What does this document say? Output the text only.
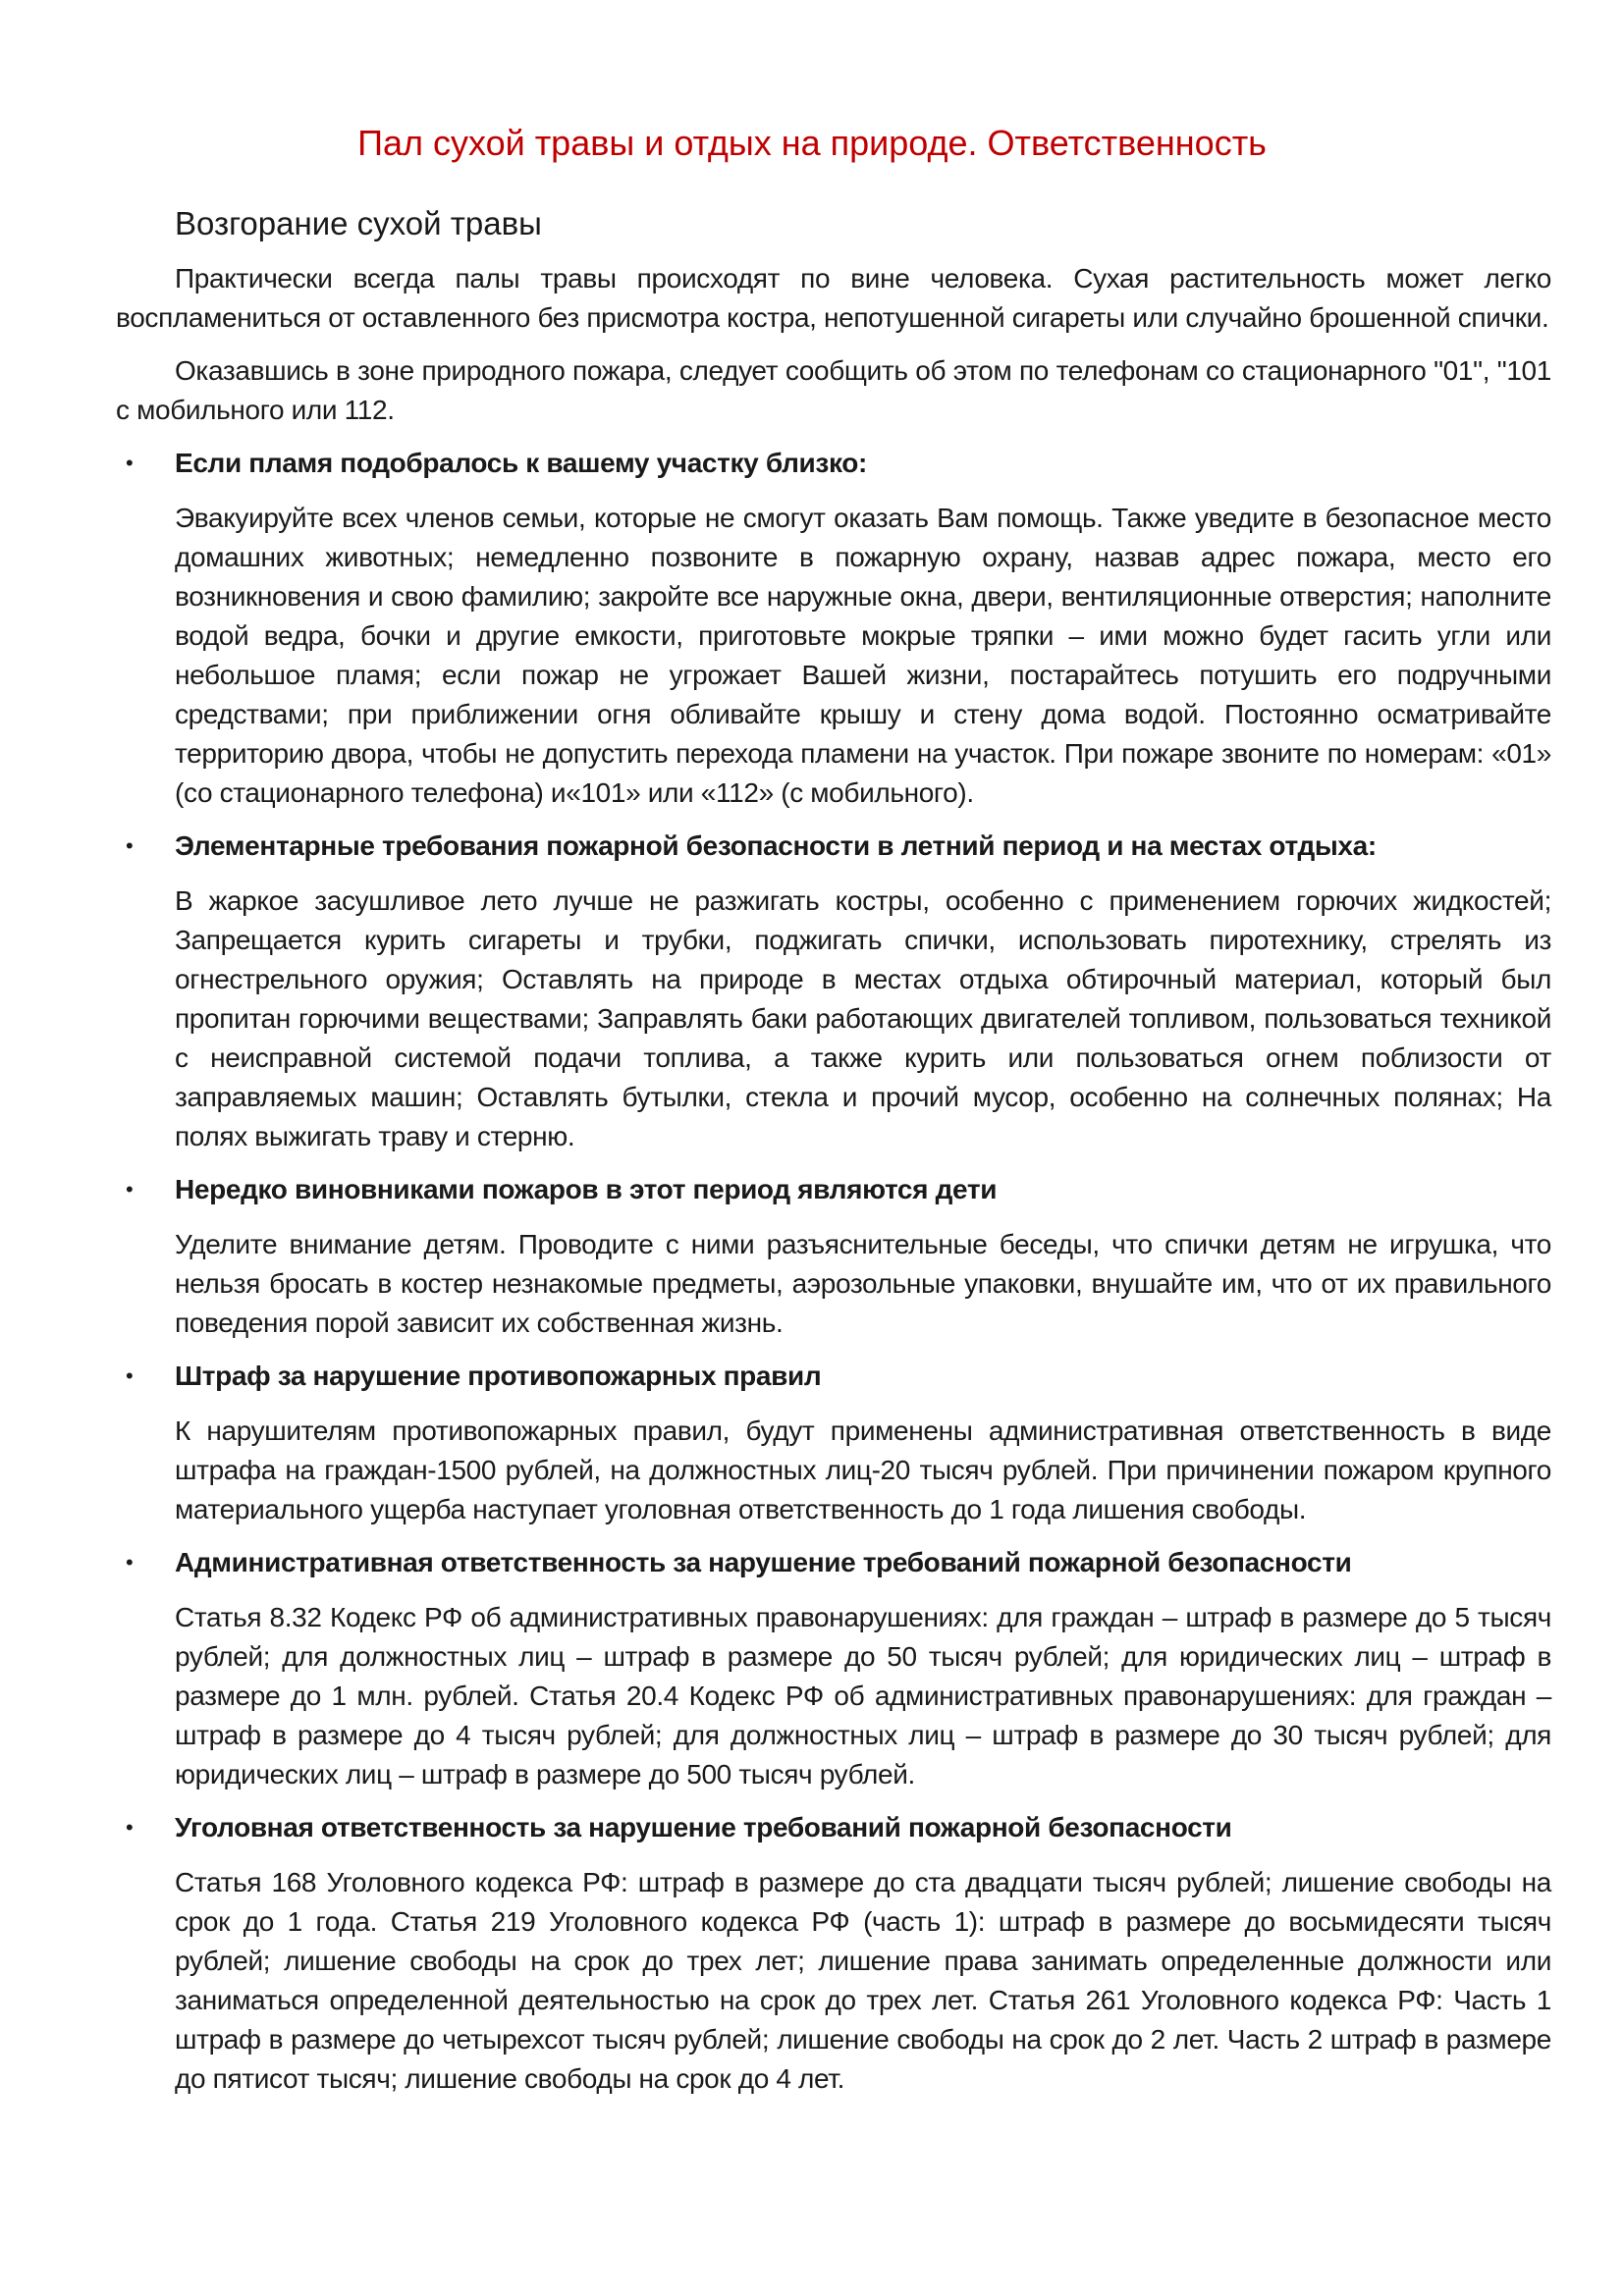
Пал сухой травы и отдых на природе. Ответственность
Возгорание сухой травы

Практически всегда палы травы происходят по вине человека. Сухая растительность может легко воспламениться от оставленного без присмотра костра, непотушенной сигареты или случайно брошенной спички.

Оказавшись в зоне природного пожара, следует сообщить об этом по телефонам со стационарного "01", "101 с мобильного или 112.

•	Если пламя подобралось к вашему участку близко:

Эвакуируйте всех членов семьи, которые не смогут оказать Вам помощь. Также уведите в безопасное место домашних животных; немедленно позвоните в пожарную охрану, назвав адрес пожара, место его возникновения и свою фамилию; закройте все наружные окна, двери, вентиляционные отверстия; наполните водой ведра, бочки и другие емкости, приготовьте мокрые тряпки – ими можно будет гасить угли или небольшое пламя; если пожар не угрожает Вашей жизни, постарайтесь потушить его подручными средствами; при приближении огня обливайте крышу и стену дома водой. Постоянно осматривайте территорию двора, чтобы не допустить перехода пламени на участок. При пожаре звоните по номерам: «01» (со стационарного телефона) и«101» или «112» (с мобильного).

•	Элементарные требования пожарной безопасности в летний период и на местах отдыха:

В жаркое засушливое лето лучше не разжигать костры, особенно с применением горючих жидкостей; Запрещается курить сигареты и трубки, поджигать спички, использовать пиротехнику, стрелять из огнестрельного оружия; Оставлять на природе в местах отдыха обтирочный материал, который был пропитан горючими веществами; Заправлять баки работающих двигателей топливом, пользоваться техникой с неисправной системой подачи топлива, а также курить или пользоваться огнем поблизости от заправляемых машин; Оставлять бутылки, стекла и прочий мусор, особенно на солнечных полянах; На полях выжигать траву и стерню.

•	Нередко виновниками пожаров в этот период являются дети

Уделите внимание детям. Проводите с ними разъяснительные беседы, что спички детям не игрушка, что нельзя бросать в костер незнакомые предметы, аэрозольные упаковки, внушайте им, что от их правильного поведения порой зависит их собственная жизнь.

•	Штраф за нарушение противопожарных правил

К нарушителям противопожарных правил, будут применены административная ответственность в виде штрафа на граждан-1500 рублей, на должностных лиц-20 тысяч рублей. При причинении пожаром крупного материального ущерба наступает уголовная ответственность до 1 года лишения свободы.

•	Административная ответственность за нарушение требований пожарной безопасности

Статья 8.32 Кодекс РФ об административных правонарушениях: для граждан – штраф в размере до 5 тысяч рублей; для должностных лиц – штраф в размере до 50 тысяч рублей; для юридических лиц – штраф в размере до 1 млн. рублей. Статья 20.4 Кодекс РФ об административных правонарушениях: для граждан – штраф в размере до 4 тысяч рублей; для должностных лиц – штраф в размере до 30 тысяч рублей; для юридических лиц – штраф в размере до 500 тысяч рублей.

•	Уголовная ответственность за нарушение требований пожарной безопасности

Статья 168 Уголовного кодекса РФ: штраф в размере до ста двадцати тысяч рублей; лишение свободы на срок до 1 года. Статья 219 Уголовного кодекса РФ (часть 1): штраф в размере до восьмидесяти тысяч рублей; лишение свободы на срок до трех лет; лишение права занимать определенные должности или заниматься определенной деятельностью на срок до трех лет. Статья 261 Уголовного кодекса РФ: Часть 1 штраф в размере до четырехсот тысяч рублей; лишение свободы на срок до 2 лет. Часть 2 штраф в размере до пятисот тысяч; лишение свободы на срок до 4 лет.
